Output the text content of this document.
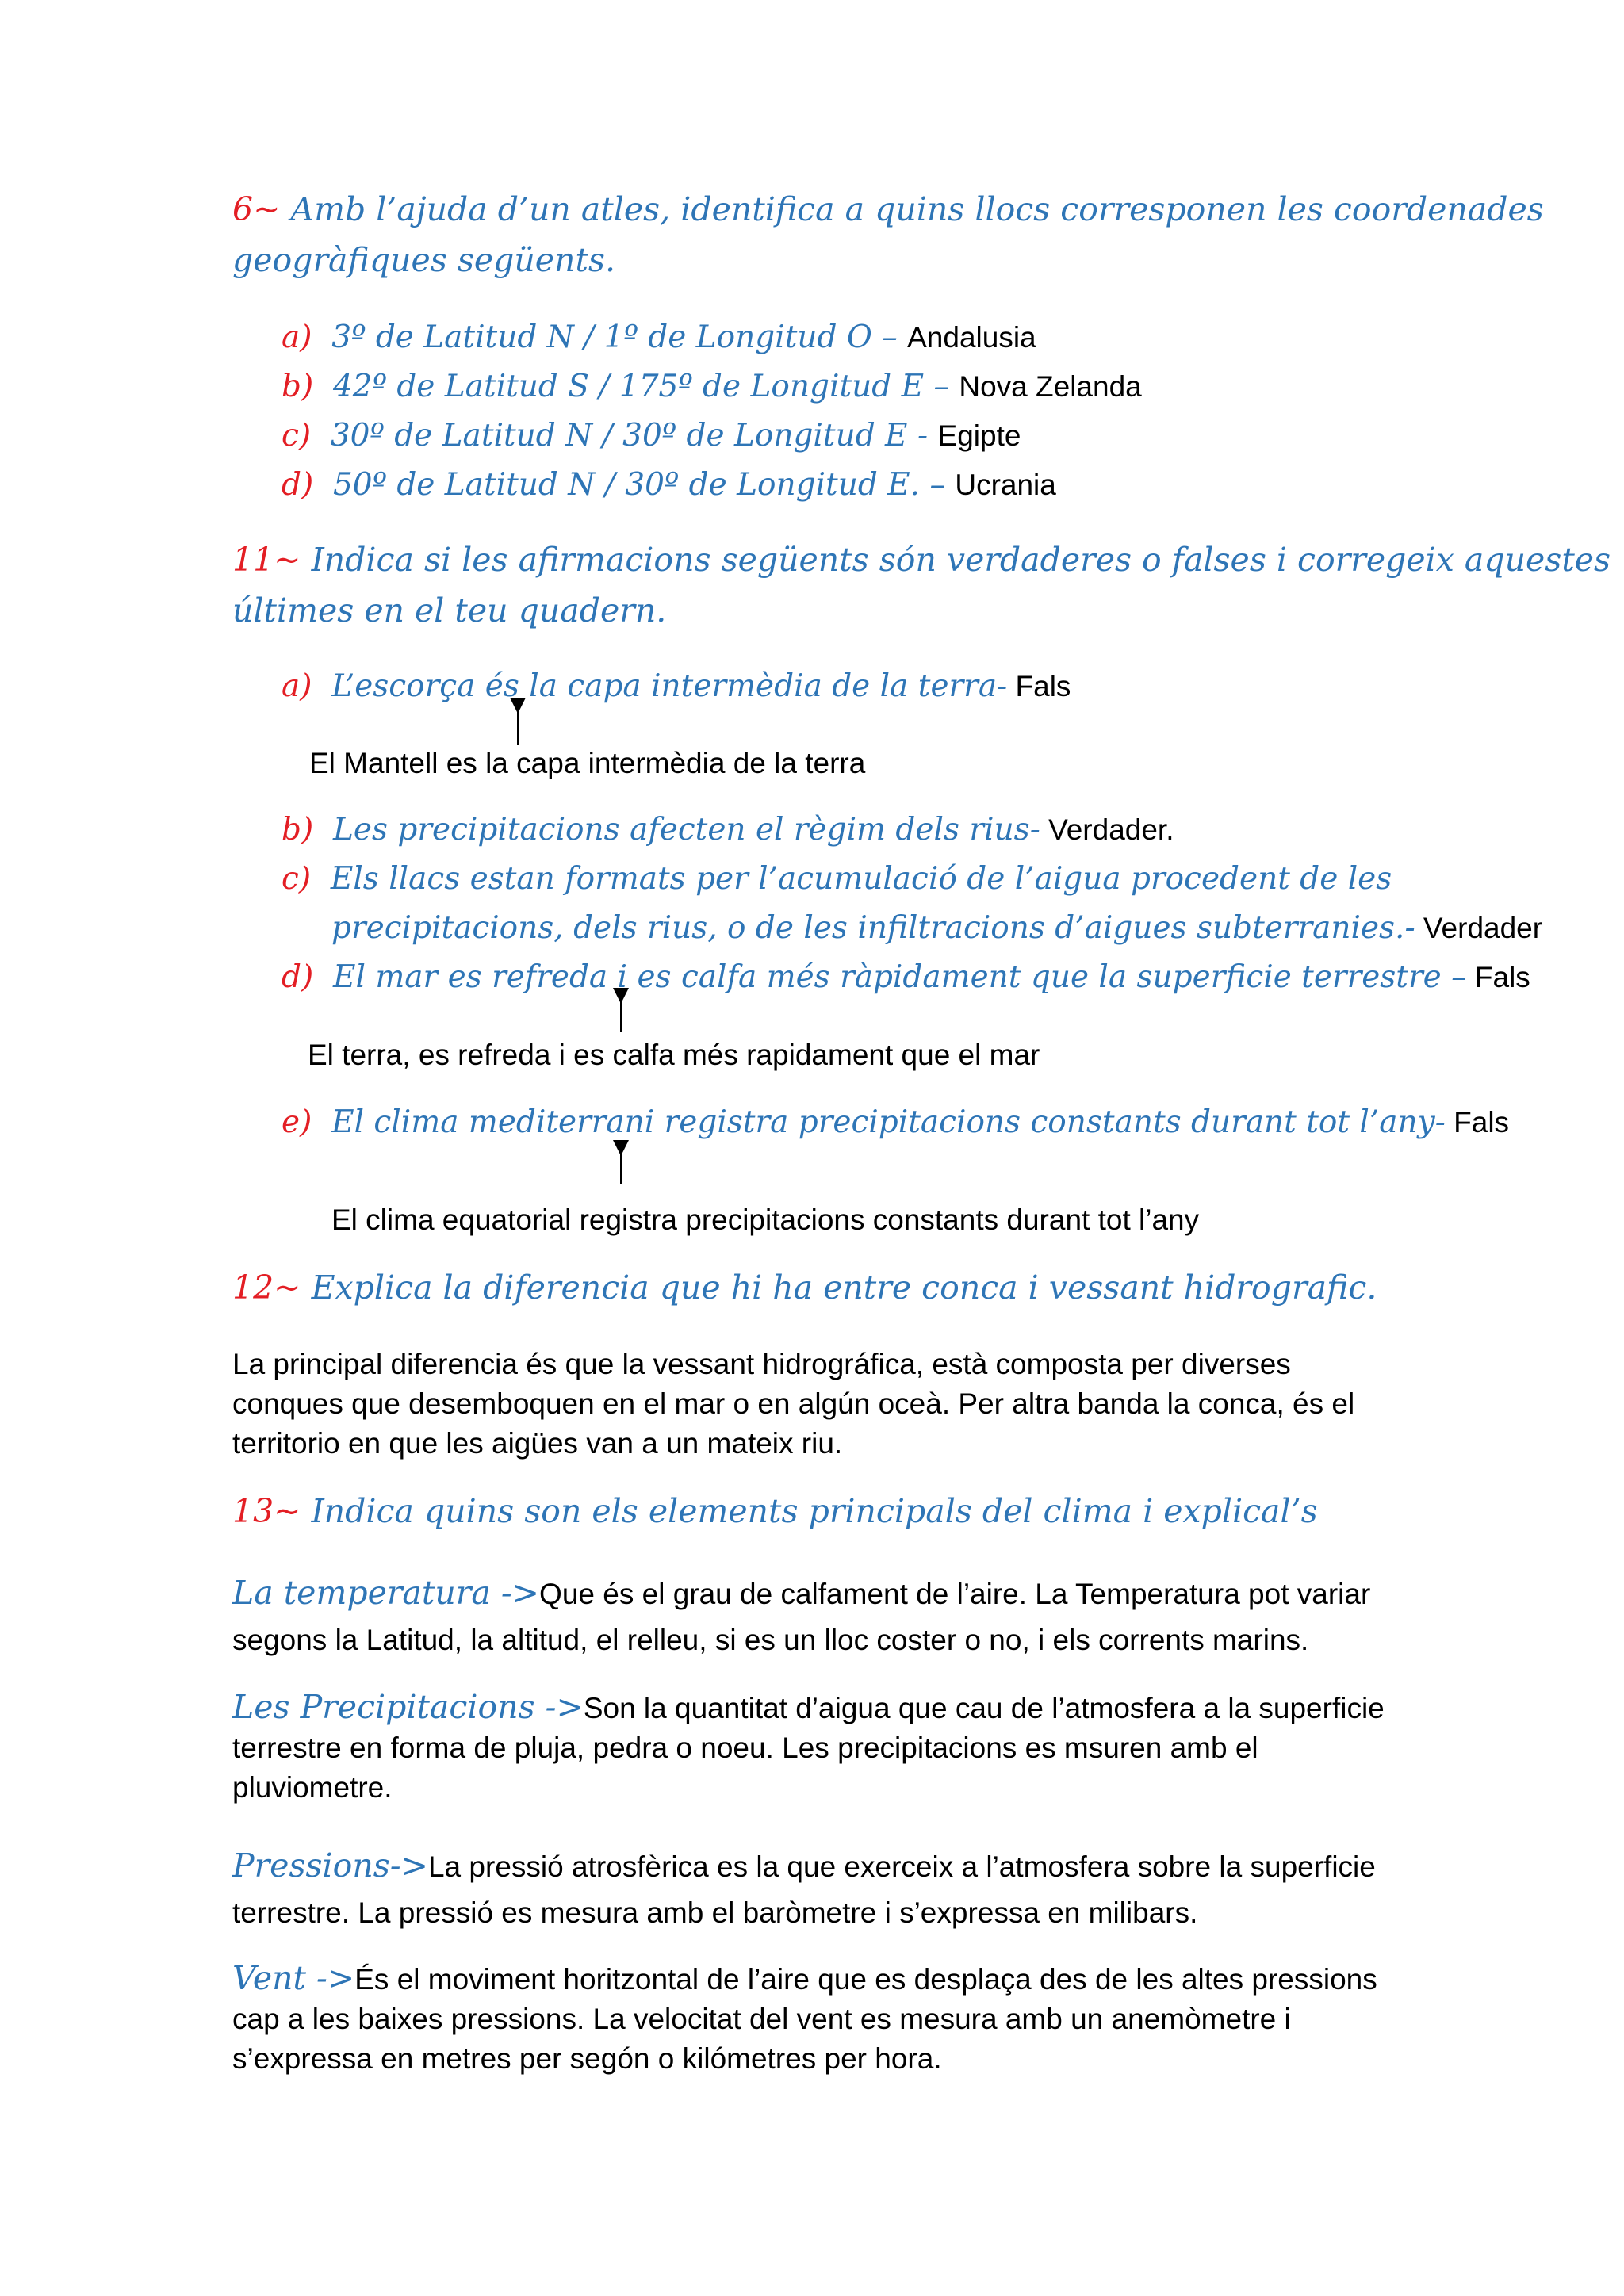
6~ Amb l’ajuda d’un atles, identifica a quins llocs corresponen les coordenades
geogràfiques següents.
a) 3º de Latitud N / 1º de Longitud O – Andalusia
b) 42º de Latitud S / 175º de Longitud E – Nova Zelanda
c) 30º de Latitud N / 30º de Longitud E - Egipte
d) 50º de Latitud N / 30º de Longitud E. – Ucrania
11~ Indica si les afirmacions següents són verdaderes o falses i corregeix aquestes
últimes en el teu quadern.
a) L’escorça és la capa intermèdia de la terra- Fals
El Mantell es la capa intermèdia de la terra
b) Les precipitacions afecten el règim dels rius- Verdader.
c) Els llacs estan formats per l’acumulació de l’aigua procedent de les
precipitacions, dels rius, o de les infiltracions d’aigues subterranies.- Verdader
d) El mar es refreda i es calfa més ràpidament que la superficie terrestre – Fals
El terra, es refreda i es calfa més rapidament que el mar
e) El clima mediterrani registra precipitacions constants durant tot l’any- Fals
El clima equatorial registra precipitacions constants durant tot l’any
12~ Explica la diferencia que hi ha entre conca i vessant hidrografic.
La principal diferencia és que la vessant hidrográfica, està composta per diverses conques que desemboquen en el mar o en algún oceà. Per altra banda la conca, és el territorio en que les aigües van a un mateix riu.
13~ Indica quins son els elements principals del clima i explical’s
La temperatura ->Que és el grau de calfament de l’aire. La Temperatura pot variar segons la Latitud, la altitud, el relleu, si es un lloc coster o no, i els corrents marins.
Les Precipitacions ->Son la quantitat d’aigua que cau de l’atmosfera a la superficie terrestre en forma de pluja, pedra o noeu. Les precipitacions es msuren amb el pluviometre.
Pressions->La pressió atrosfèrica es la que exerceix a l’atmosfera sobre la superficie terrestre. La pressió es mesura amb el baròmetre i s’expressa en milibars.
Vent ->És el moviment horitzontal de l’aire que es desplaça des de les altes pressions cap a les baixes pressions. La velocitat del vent es mesura amb un anemòmetre i s’expressa en metres per segón o kilómetres per hora.
